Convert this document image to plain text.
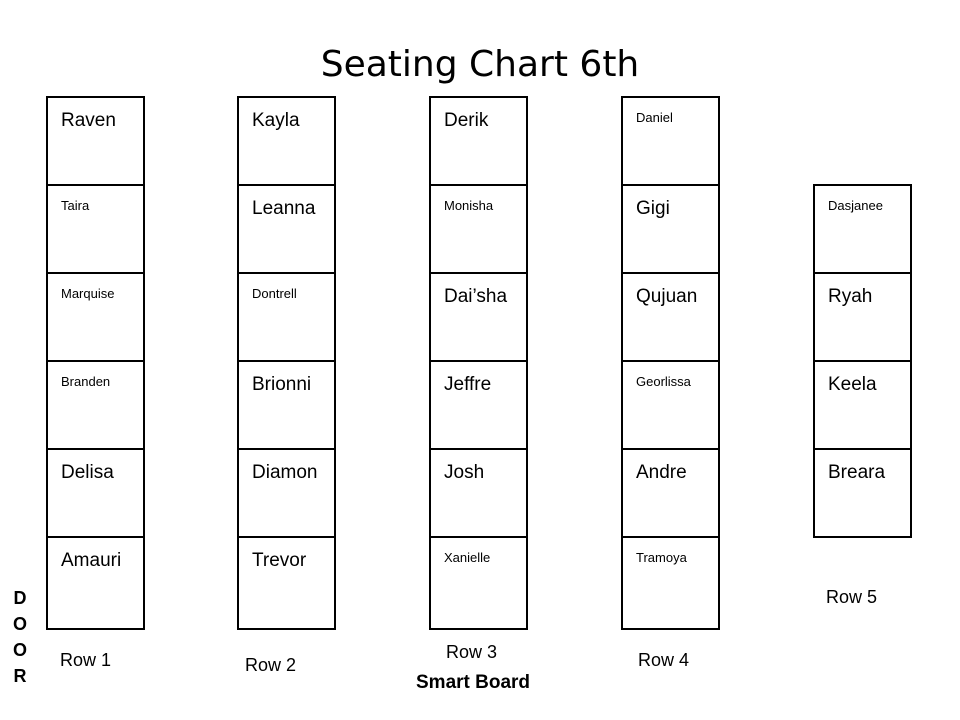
Seating Chart 6th
Raven
Taira
Marquise
Branden
Delisa
Amauri
Kayla
Leanna
Dontrell
Brionni
Diamon
Trevor
Derik
Monisha
Dai’sha
Jeffre
Josh
Xanielle
Daniel
Gigi
Qujuan
Georlissa
Andre
Tramoya
Dasjanee
Ryah
Keela
Breara
Row 1	Row 2
Row 3	Row 4
Row 5
D
O
O
R	Smart Board
